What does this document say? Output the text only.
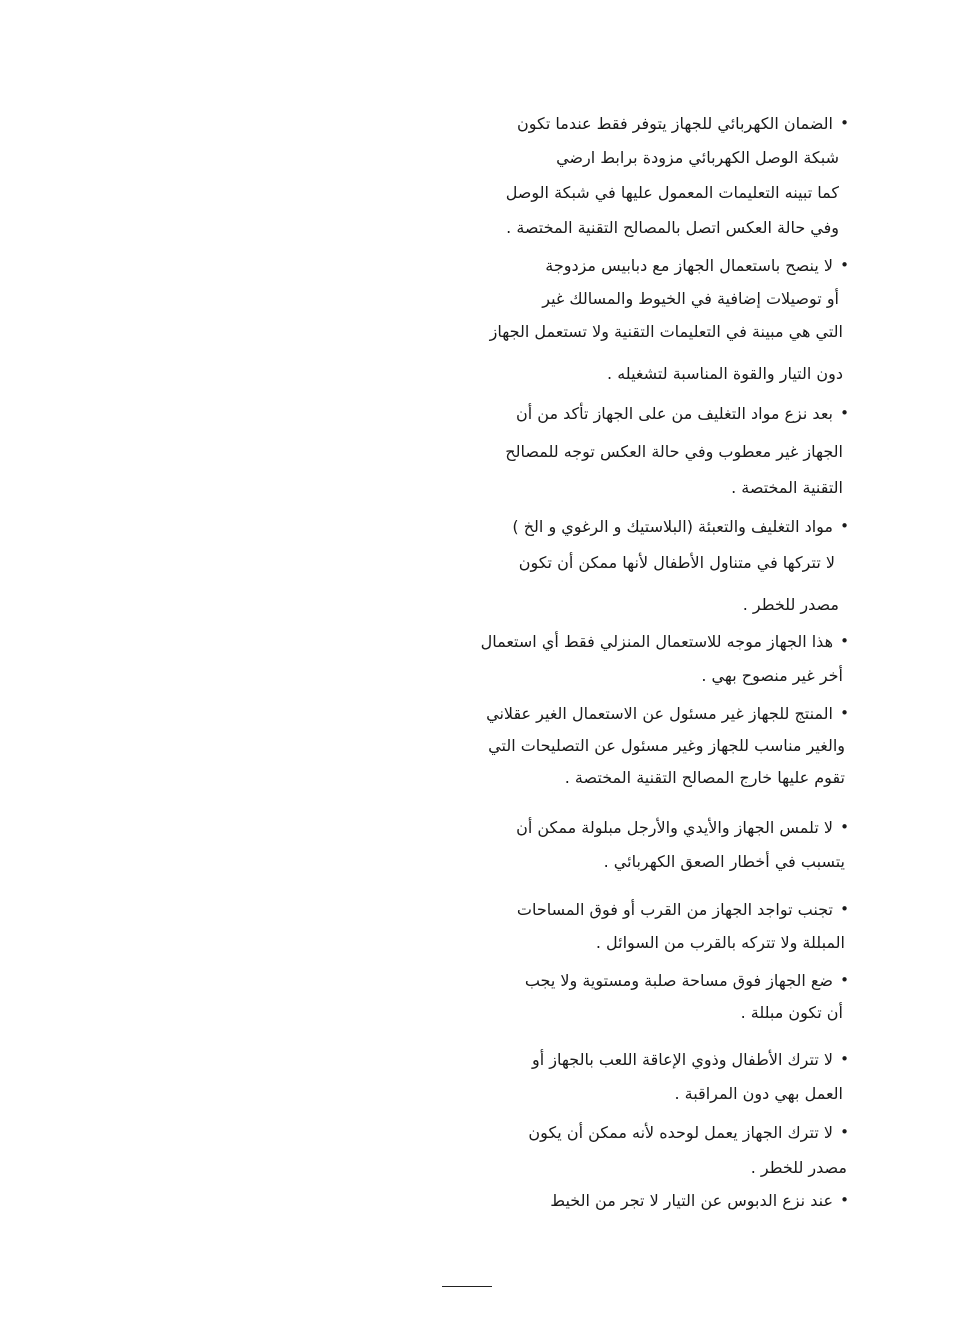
•
الضمان الكهربائي للجهاز يتوفر فقط عندما تكون
شبكة الوصل الكهربائي مزودة برابط ارضي
كما تبينه التعليمات المعمول عليها في شبكة الوصل
وفي حالة العكس اتصل بالمصالح التقنية المختصة .
•
لا ينصح باستعمال الجهاز مع دبابيس مزدوجة
أو توصيلات إضافية في الخيوط والمسالك غير
التي هي مبينة في التعليمات التقنية ولا تستعمل الجهاز
دون التيار والقوة المناسبة لتشغيله .
•
بعد نزع مواد التغليف من على الجهاز تأكد من أن
الجهاز غير معطوب وفي حالة العكس توجه للمصالح
التقنية المختصة .
•
مواد التغليف والتعبئة (البلاستيك و الرغوي و الخ )
لا تتركها في متناول الأطفال لأنها ممكن أن تكون
مصدر للخطر .
•
هذا الجهاز موجه للاستعمال المنزلي فقط أي استعمال
أخر غير منصوح بهي .
•
المنتج للجهاز غير مسئول عن الاستعمال الغير عقلاني
والغير مناسب للجهاز وغير مسئول عن التصليحات التي
تقوم عليها خارج المصالح التقنية المختصة .
•
لا تلمس الجهاز والأيدي والأرجل مبلولة ممكن أن
يتسبب في أخطار الصعق الكهربائي .
•
تجنب تواجد الجهاز من القرب أو فوق المساحات
المبللة ولا تتركه بالقرب من السوائل .
•
ضع الجهاز فوق مساحة صلبة ومستوية ولا يجب
أن تكون مبللة .
•
لا تترك الأطفال وذوي الإعاقة اللعب بالجهاز أو
العمل بهي دون المراقبة .
•
لا تترك الجهاز يعمل لوحده لأنه ممكن أن يكون
مصدر للخطر .
•
عند نزع الدبوس عن التيار لا تجر من الخيط
